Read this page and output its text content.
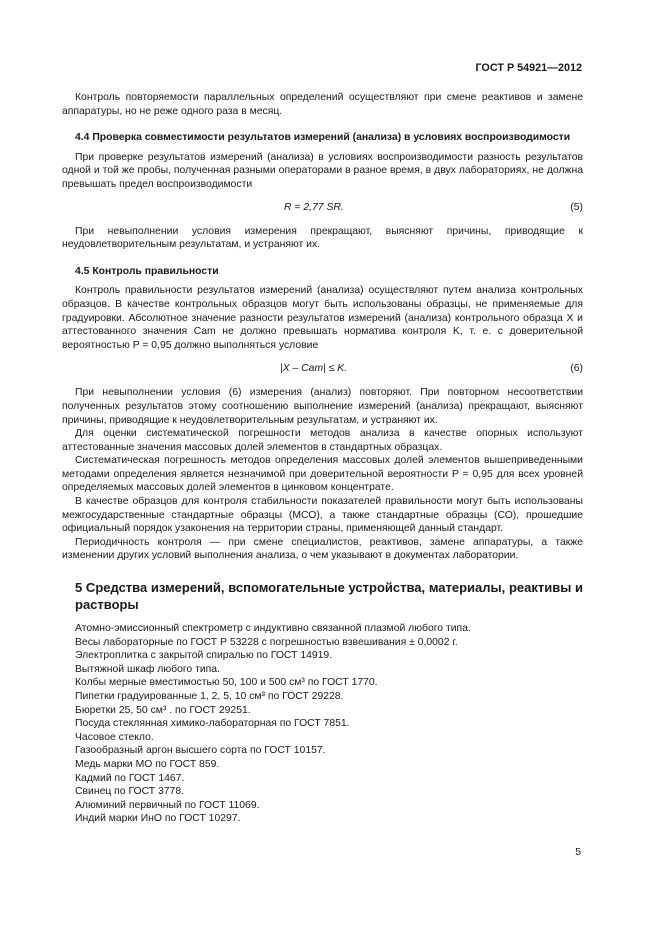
ГОСТ Р 54921—2012

Контроль повторяемости параллельных определений осуществляют при смене реактивов и замене аппаратуры, но не реже одного раза в месяц.

4.4 Проверка совместимости результатов измерений (анализа) в условиях воспроизводимости

При проверке результатов измерений (анализа) в условиях воспроизводимости разность результатов одной и той же пробы, полученная разными операторами в разное время, в двух лабораториях, не должна превышать предел воспроизводимости

R = 2,77 SR.	(5)

При невыполнении условия измерения прекращают, выясняют причины, приводящие к неудовлетворительным результатам, и устраняют их.

4.5 Контроль правильности

Контроль правильности результатов измерений (анализа) осуществляют путем анализа контрольных образцов. В качестве контрольных образцов могут быть использованы образцы, не применяемые для градуировки. Абсолютное значение разности результатов измерений (анализа) контрольного образца X и аттестованного значения Cam не должно превышать норматива контроля K, т. е. с доверительной вероятностью P = 0,95 должно выполняться условие

|X – Cam| ≤ K.	(6)

При невыполнении условия (6) измерения (анализ) повторяют. При повторном несоответствии полученных результатов этому соотношению выполнение измерений (анализа) прекращают, выясняют причины, приводящие к неудовлетворительным результатам, и устраняют их.

Для оценки систематической погрешности методов анализа в качестве опорных используют аттестованные значения массовых долей элементов в стандартных образцах.

Систематическая погрешность методов определения массовых долей элементов вышеприведенными методами определения является незначимой при доверительной вероятности P = 0,95 для всех уровней определяемых массовых долей элементов в цинковом концентрате.

В качестве образцов для контроля стабильности показателей правильности могут быть использованы межгосударственные стандартные образцы (МСО), а также стандартные образцы (СО), прошедшие официальный порядок узаконения на территории страны, применяющей данный стандарт.

Периодичность контроля — при смене специалистов, реактивов, замене аппаратуры, а также изменении других условий выполнения анализа, о чем указывают в документах лаборатории.

5 Средства измерений, вспомогательные устройства, материалы, реактивы и растворы

Атомно-эмиссионный спектрометр с индуктивно связанной плазмой любого типа.

Весы лабораторные по ГОСТ Р 53228 с погрешностью взвешивания ± 0,0002 г.

Электроплитка с закрытой спиралью по ГОСТ 14919.

Вытяжной шкаф любого типа.

Колбы мерные вместимостью 50, 100 и 500 см³ по ГОСТ 1770.

Пипетки градуированные 1, 2, 5, 10 см³ по ГОСТ 29228.

Бюретки 25, 50 см³ . по ГОСТ 29251.

Посуда стеклянная химико-лабораторная по ГОСТ 7851.

Часовое стекло.

Газообразный аргон высшего сорта по ГОСТ 10157.

Медь марки МО по ГОСТ 859.

Кадмий по ГОСТ 1467.

Свинец по ГОСТ 3778.

Алюминий первичный по ГОСТ 11069.

Индий марки ИнО по ГОСТ 10297.

5
